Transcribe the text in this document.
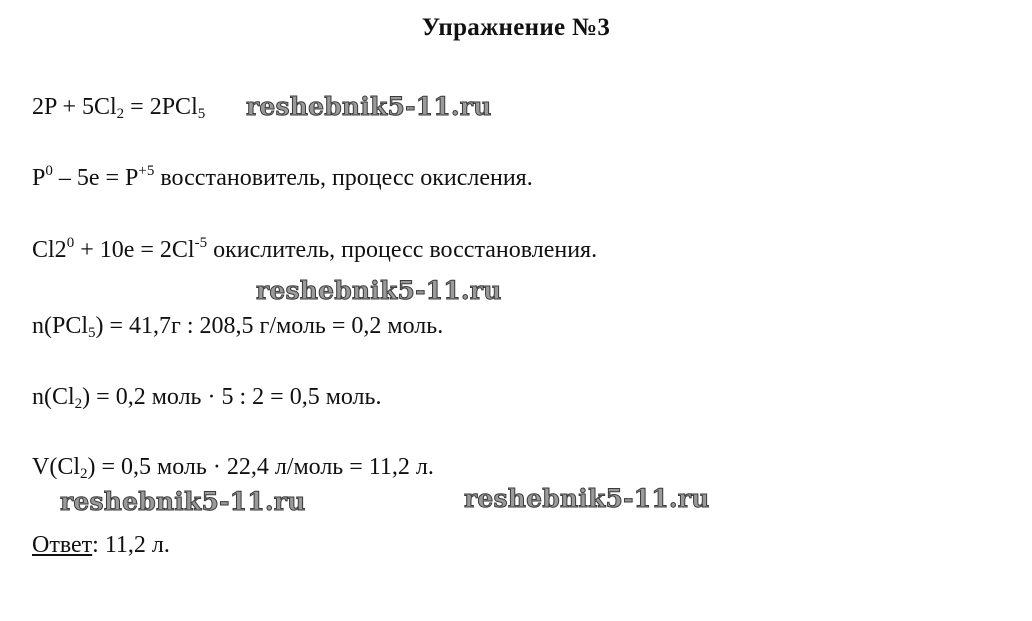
Упражнение №3
$2P + 5Cl_2 = 2PCl_5$
$P^0 - 5e = P^{+5}$ восстановитель, процесс окисления.
$Cl2^0 + 10e = 2Cl^{-5}$ окислитель, процесс восстановления.
n(PCl$_5$) = 41,7г : 208,5 г/моль = 0,2 моль.
$n(Cl_2) = 0,2$ моль · 5 : 2 = 0,5 моль.
$V(Cl_2) = 0,5$ моль · 22,4 л/моль = 11,2 л.
Ответ: 11,2 л.
reshebnik5-11.ru
reshebnik5-11.ru
reshebnik5-11.ru	reshebnik5-11.ru
